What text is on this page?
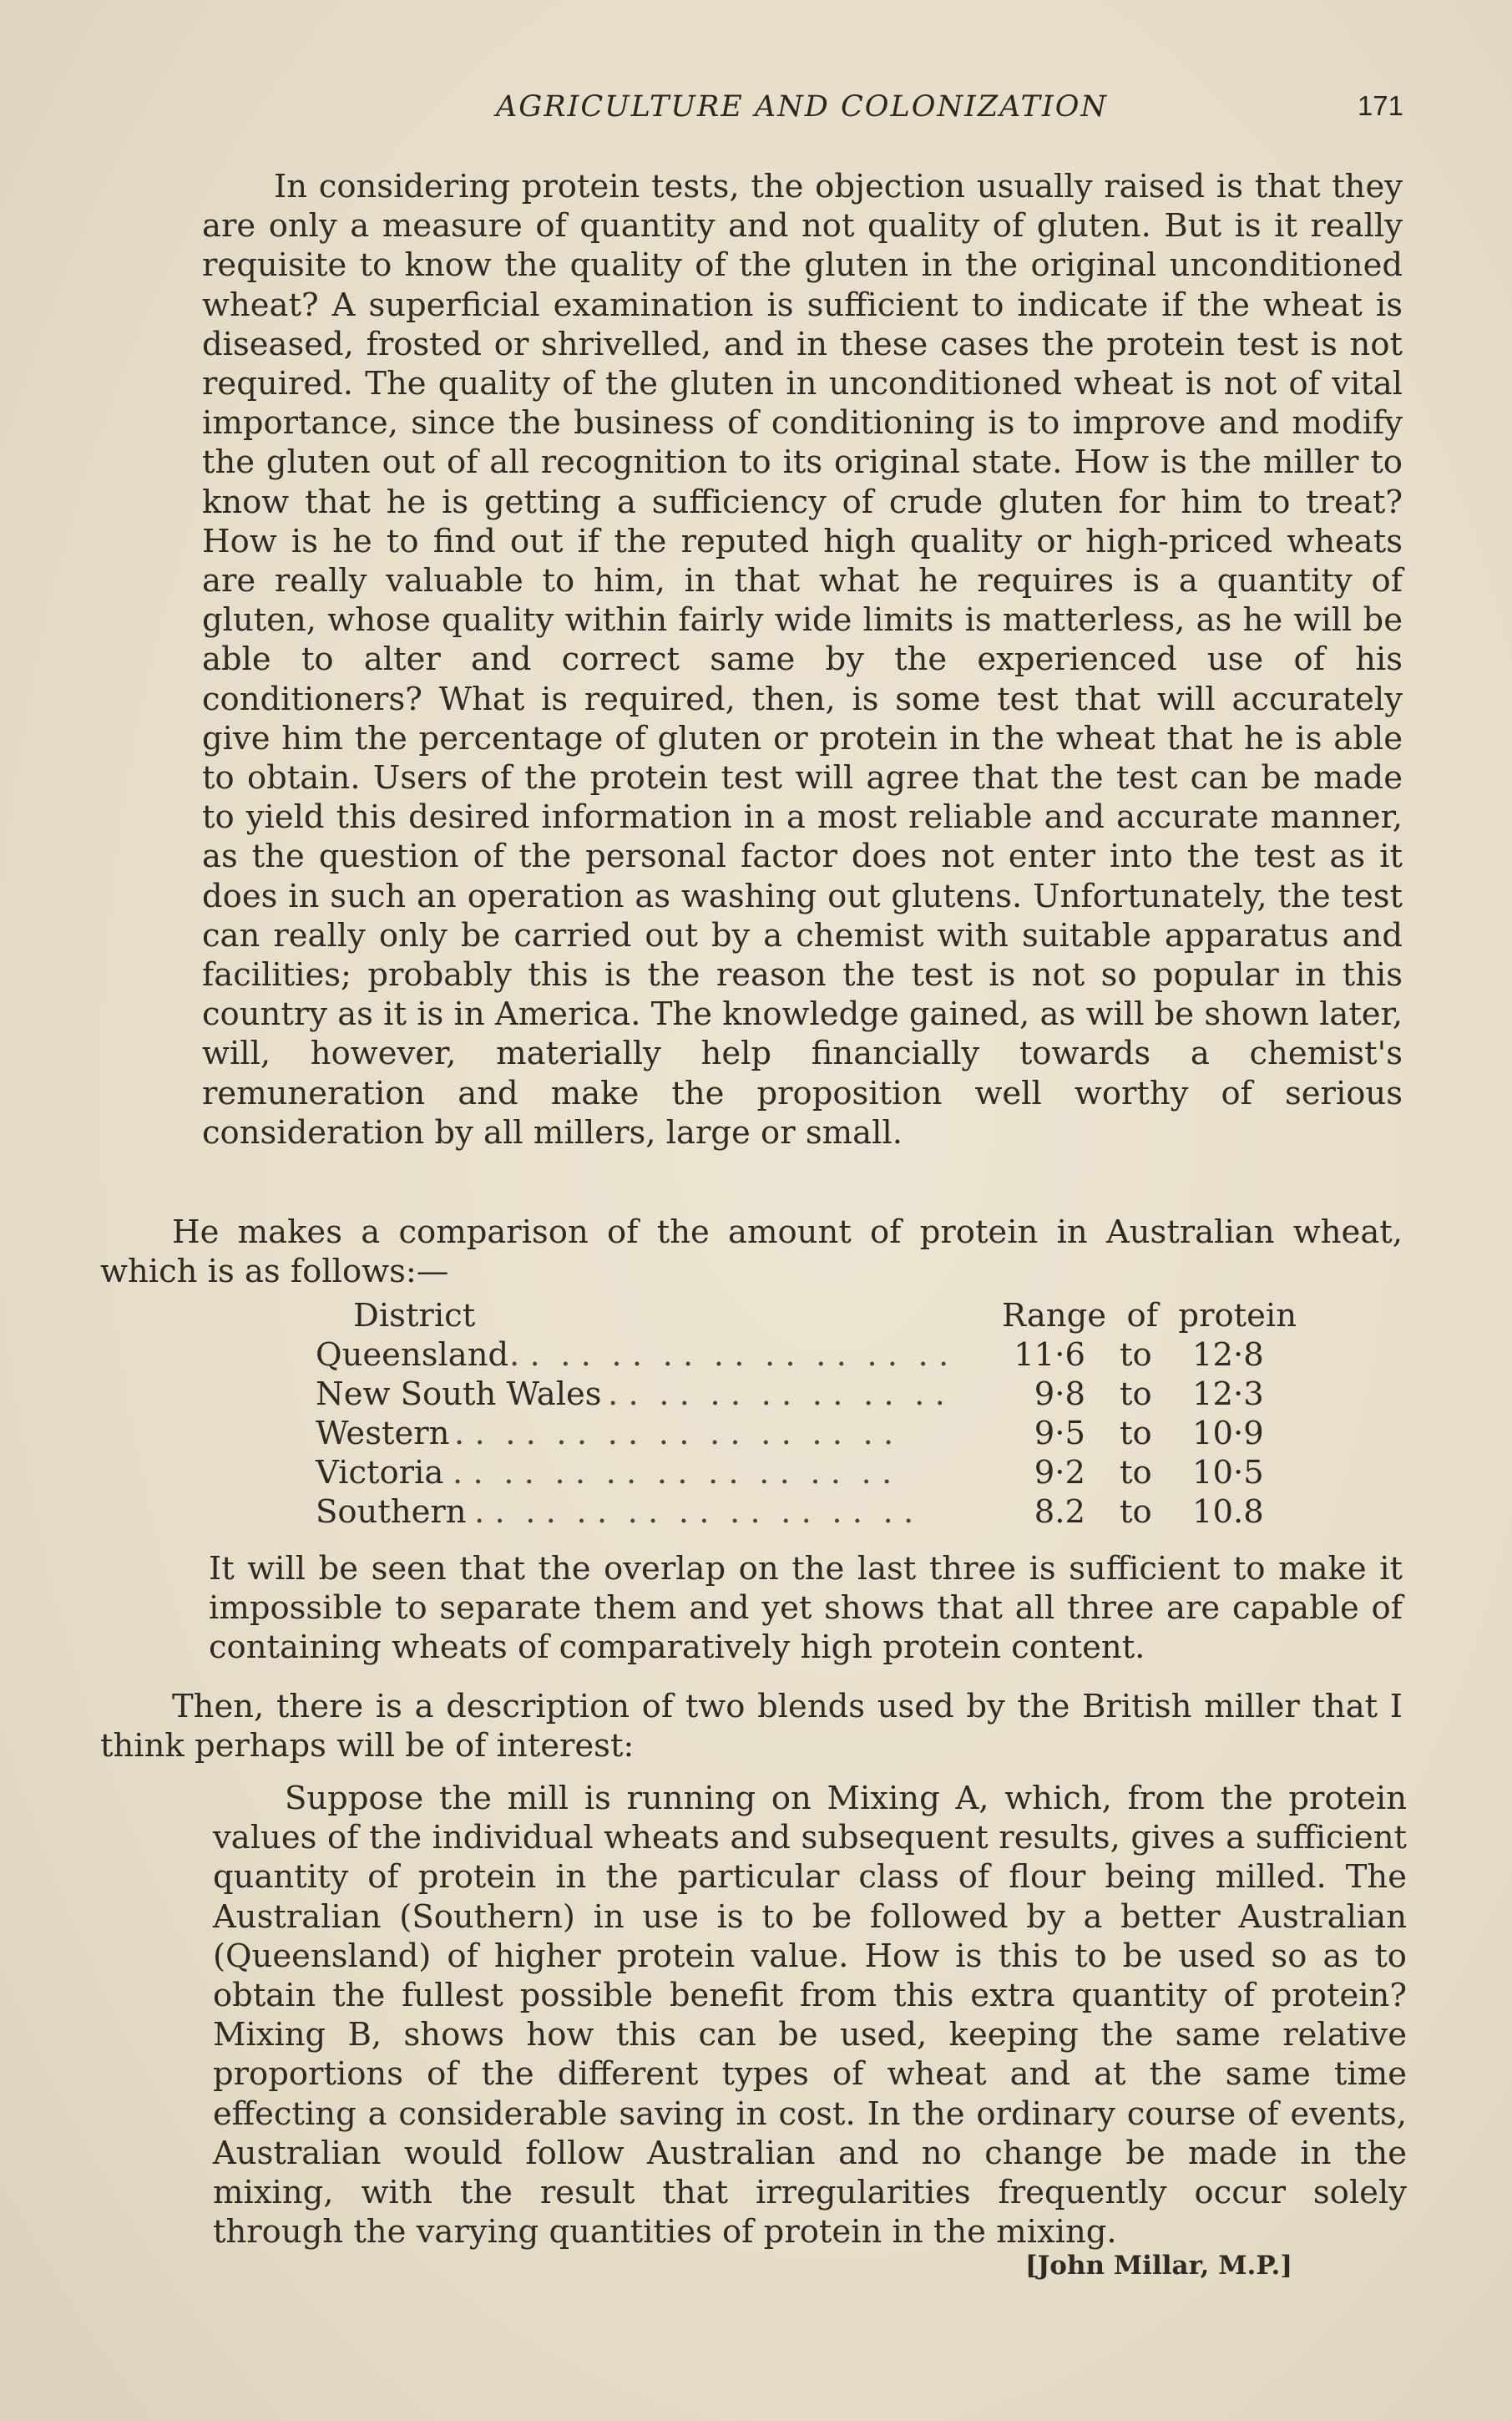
AGRICULTURE AND COLONIZATION	171

In considering protein tests, the objection usually raised is that they are only a measure of quantity and not quality of gluten. But is it really requisite to know the quality of the gluten in the original unconditioned wheat? A superficial examination is sufficient to indicate if the wheat is diseased, frosted or shrivelled, and in these cases the protein test is not required. The quality of the gluten in unconditioned wheat is not of vital importance, since the business of conditioning is to improve and modify the gluten out of all recognition to its original state. How is the miller to know that he is getting a sufficiency of crude gluten for him to treat? How is he to find out if the reputed high quality or high-priced wheats are really valuable to him, in that what he requires is a quantity of gluten, whose quality within fairly wide limits is matterless, as he will be able to alter and correct same by the experienced use of his conditioners? What is required, then, is some test that will accurately give him the percentage of gluten or protein in the wheat that he is able to obtain. Users of the protein test will agree that the test can be made to yield this desired information in a most reliable and accurate manner, as the question of the personal factor does not enter into the test as it does in such an operation as washing out glutens. Unfortunately, the test can really only be carried out by a chemist with suitable apparatus and facilities; probably this is the reason the test is not so popular in this country as it is in America. The knowledge gained, as will be shown later, will, however, materially help financially towards a chemist's remuneration and make the proposition well worthy of serious consideration by all millers, large or small.

He makes a comparison of the amount of protein in Australian wheat, which is as follows:—

District	Range  of  protein
Queensland . .  . .  . .  . .  . .  . .  . .  . .  . .	11·6 to 12·8
New South Wales . .  . .  . .  . .  . .  . .  . .	9·8 to 12·3
Western . .  . .  . .  . .  . .  . .  . .  . .  . .	9·5 to 10·9
Victoria . .  . .  . .  . .  . .  . .  . .  . .  . .	9·2 to 10·5
Southern . .  . .  . .  . .  . .  . .  . .  . .  . .	8.2 to 10.8

It will be seen that the overlap on the last three is sufficient to make it impossible to separate them and yet shows that all three are capable of containing wheats of comparatively high protein content.

Then, there is a description of two blends used by the British miller that I think perhaps will be of interest:

Suppose the mill is running on Mixing A, which, from the protein values of the individual wheats and subsequent results, gives a sufficient quantity of protein in the particular class of flour being milled. The Australian (Southern) in use is to be followed by a better Australian (Queensland) of higher protein value. How is this to be used so as to obtain the fullest possible benefit from this extra quantity of protein? Mixing B, shows how this can be used, keeping the same relative proportions of the different types of wheat and at the same time effecting a considerable saving in cost. In the ordinary course of events, Australian would follow Australian and no change be made in the mixing, with the result that irregularities frequently occur solely through the varying quantities of protein in the mixing.

[John Millar, M.P.]
